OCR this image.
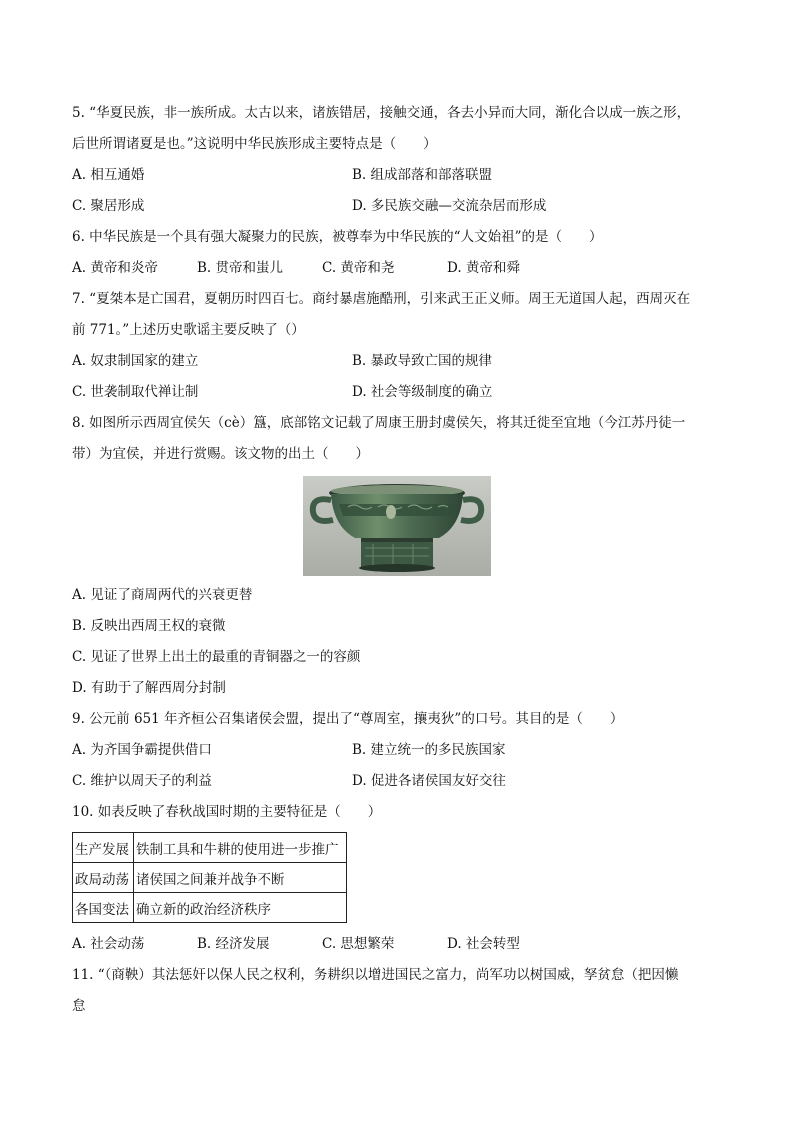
5. “华夏民族，非一族所成。太古以来，诸族错居，接触交通，各去小异而大同，渐化合以成一族之形，
后世所谓诸夏是也。”这说明中华民族形成主要特点是（　　）
A. 相互通婚	B. 组成部落和部落联盟
C. 聚居形成	D. 多民族交融—交流杂居而形成
6. 中华民族是一个具有强大凝聚力的民族，被尊奉为中华民族的“人文始祖”的是（　　）
A. 黄帝和炎帝	B. 贯帝和蚩儿	C. 黄帝和尧	D. 黄帝和舜
7. “夏桀本是亡国君，夏朝历时四百七。商纣暴虐施酷刑，引来武王正义师。周王无道国人起，西周灭在
前 771。”上述历史歌谣主要反映了（）
A. 奴隶制国家的建立	B. 暴政导致亡国的规律
C. 世袭制取代禅让制	D. 社会等级制度的确立
8. 如图所示西周宜侯矢（cè）簋，底部铭文记载了周康王册封虞侯矢，将其迁徙至宜地（今江苏丹徒一
带）为宜侯，并进行赏赐。该文物的出土（　　）
A. 见证了商周两代的兴衰更替
B. 反映出西周王权的衰微
C. 见证了世界上出土的最重的青铜器之一的容颜
D. 有助于了解西周分封制
9. 公元前 651 年齐桓公召集诸侯会盟，提出了“尊周室，攘夷狄”的口号。其目的是（　　）
A. 为齐国争霸提供借口	B. 建立统一的多民族国家
C. 维护以周天子的利益	D. 促进各诸侯国友好交往
10. 如表反映了春秋战国时期的主要特征是（　　）
生产发展	铁制工具和牛耕的使用进一步推广
政局动荡	诸侯国之间兼并战争不断
各国变法	确立新的政治经济秩序
A. 社会动荡	B. 经济发展	C. 思想繁荣	D. 社会转型
11. “（商鞅）其法惩奸以保人民之权利，务耕织以增进国民之富力，尚军功以树国威，孥贫怠（把因懒
怠
